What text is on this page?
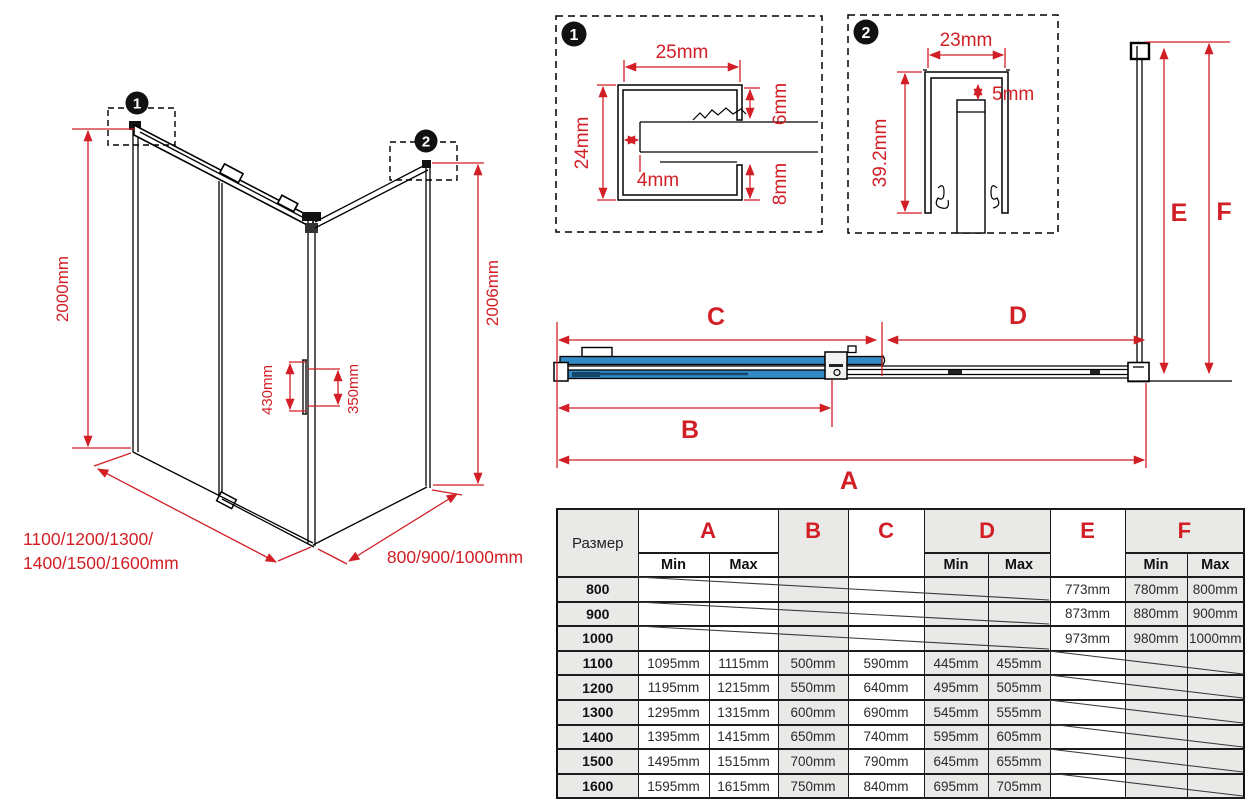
1
2
2000mm	2006mm
430mm	350mm
1100/1200/1300/
1400/1500/1600mm	800/900/1000mm
1
25mm
24mm
4mm
6mm
8mm
2	23mm
5mm
39.2mm
C	D
B
A
E F
Размер	A		B	C	D		E	F	
	Min	Max			Min	Max		Min	Max
800							773mm	780mm	800mm
900							873mm	880mm	900mm
1000							973mm	980mm	1000mm
1100	1095mm	1115mm	500mm	590mm	445mm	455mm			
1200	1195mm	1215mm	550mm	640mm	495mm	505mm			
1300	1295mm	1315mm	600mm	690mm	545mm	555mm			
1400	1395mm	1415mm	650mm	740mm	595mm	605mm			
1500	1495mm	1515mm	700mm	790mm	645mm	655mm			
1600	1595mm	1615mm	750mm	840mm	695mm	705mm			
